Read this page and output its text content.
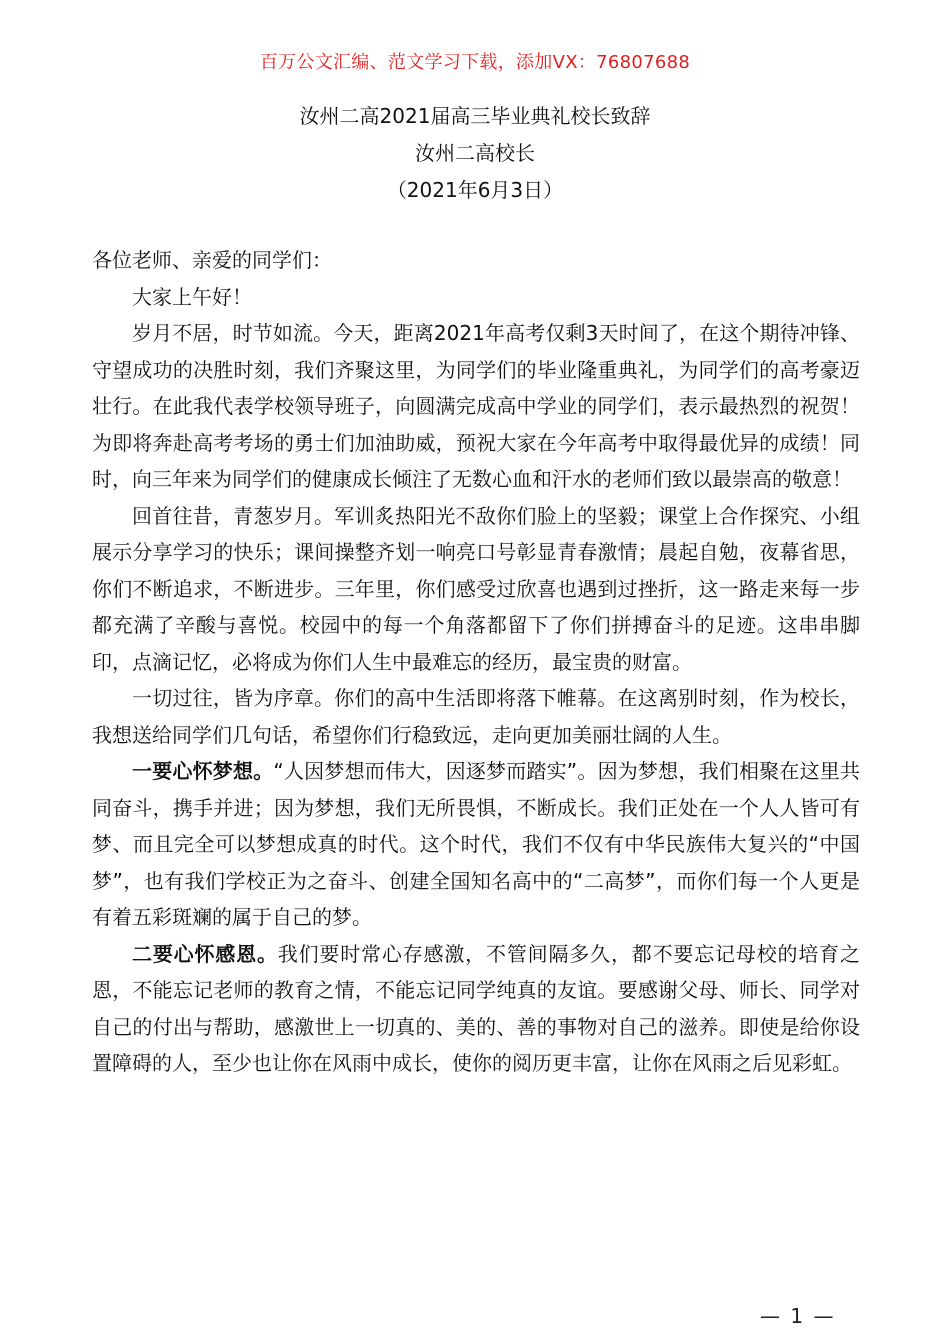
百万公文汇编、范文学习下载，添加VX：76807688
汝州二高2021届高三毕业典礼校长致辞
汝州二高校长
（2021年6月3日）

各位老师、亲爱的同学们：

大家上午好！

岁月不居，时节如流。今天，距离2021年高考仅剩3天时间了，在这个期待冲锋、守望成功的决胜时刻，我们齐聚这里，为同学们的毕业隆重典礼，为同学们的高考豪迈壮行。在此我代表学校领导班子，向圆满完成高中学业的同学们，表示最热烈的祝贺！为即将奔赴高考考场的勇士们加油助威，预祝大家在今年高考中取得最优异的成绩！同时，向三年来为同学们的健康成长倾注了无数心血和汗水的老师们致以最崇高的敬意！

回首往昔，青葱岁月。军训炙热阳光不敌你们脸上的坚毅；课堂上合作探究、小组展示分享学习的快乐；课间操整齐划一响亮口号彰显青春激情；晨起自勉，夜幕省思，你们不断追求，不断进步。三年里，你们感受过欣喜也遇到过挫折，这一路走来每一步都充满了辛酸与喜悦。校园中的每一个角落都留下了你们拼搏奋斗的足迹。这串串脚印，点滴记忆，必将成为你们人生中最难忘的经历，最宝贵的财富。

一切过往，皆为序章。你们的高中生活即将落下帷幕。在这离别时刻，作为校长，我想送给同学们几句话，希望你们行稳致远，走向更加美丽壮阔的人生。

一要心怀梦想。“人因梦想而伟大，因逐梦而踏实”。因为梦想，我们相聚在这里共同奋斗，携手并进；因为梦想，我们无所畏惧，不断成长。我们正处在一个人人皆可有梦、而且完全可以梦想成真的时代。这个时代，我们不仅有中华民族伟大复兴的“中国梦”，也有我们学校正为之奋斗、创建全国知名高中的“二高梦”，而你们每一个人更是有着五彩斑斓的属于自己的梦。

二要心怀感恩。我们要时常心存感激，不管间隔多久，都不要忘记母校的培育之恩，不能忘记老师的教育之情，不能忘记同学纯真的友谊。要感谢父母、师长、同学对自己的付出与帮助，感激世上一切真的、美的、善的事物对自己的滋养。即使是给你设置障碍的人，至少也让你在风雨中成长，使你的阅历更丰富，让你在风雨之后见彩虹。

— 1 —
